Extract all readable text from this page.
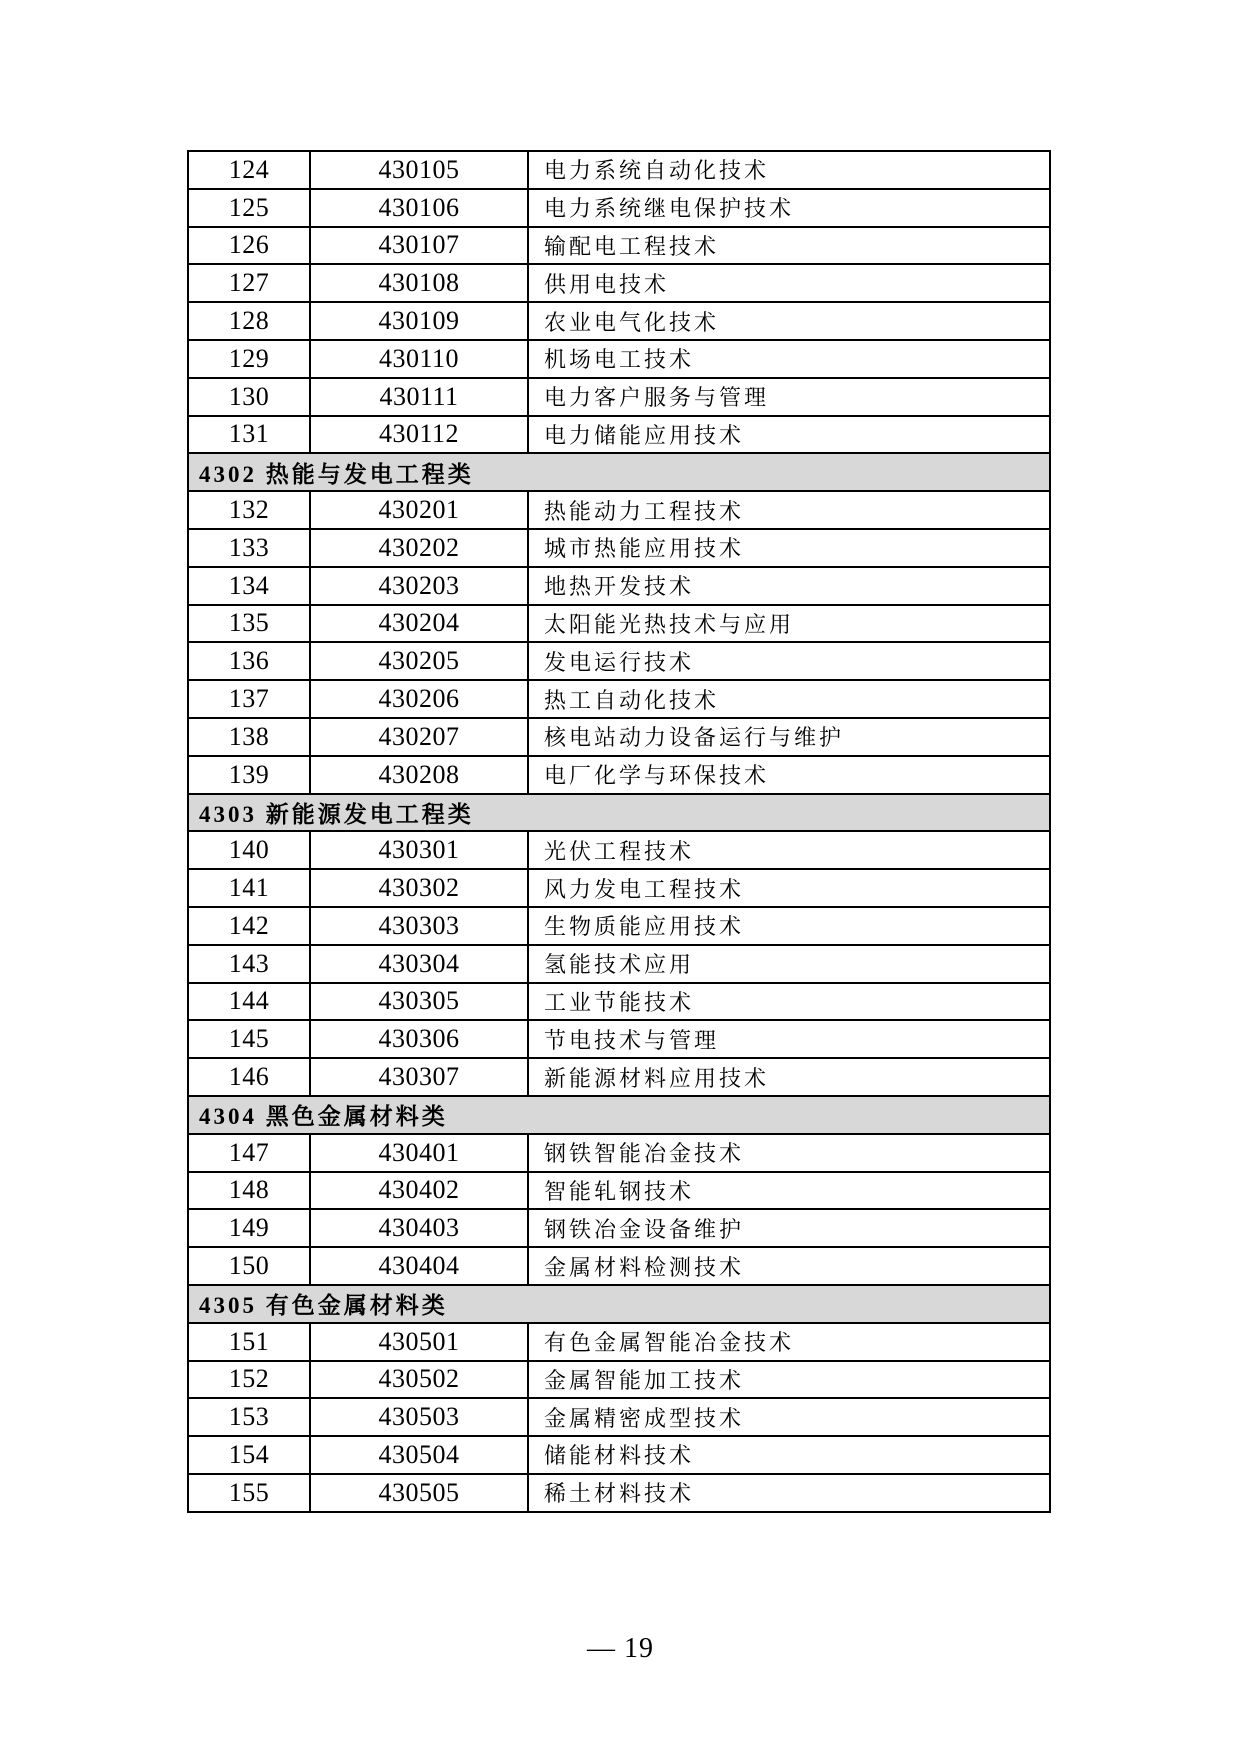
124	430105	电力系统自动化技术
125	430106	电力系统继电保护技术
126	430107	输配电工程技术
127	430108	供用电技术
128	430109	农业电气化技术
129	430110	机场电工技术
130	430111	电力客户服务与管理
131	430112	电力储能应用技术
4302 热能与发电工程类		
132	430201	热能动力工程技术
133	430202	城市热能应用技术
134	430203	地热开发技术
135	430204	太阳能光热技术与应用
136	430205	发电运行技术
137	430206	热工自动化技术
138	430207	核电站动力设备运行与维护
139	430208	电厂化学与环保技术
4303 新能源发电工程类		
140	430301	光伏工程技术
141	430302	风力发电工程技术
142	430303	生物质能应用技术
143	430304	氢能技术应用
144	430305	工业节能技术
145	430306	节电技术与管理
146	430307	新能源材料应用技术
4304 黑色金属材料类		
147	430401	钢铁智能冶金技术
148	430402	智能轧钢技术
149	430403	钢铁冶金设备维护
150	430404	金属材料检测技术
4305 有色金属材料类		
151	430501	有色金属智能冶金技术
152	430502	金属智能加工技术
153	430503	金属精密成型技术
154	430504	储能材料技术
155	430505	稀土材料技术
— 19
